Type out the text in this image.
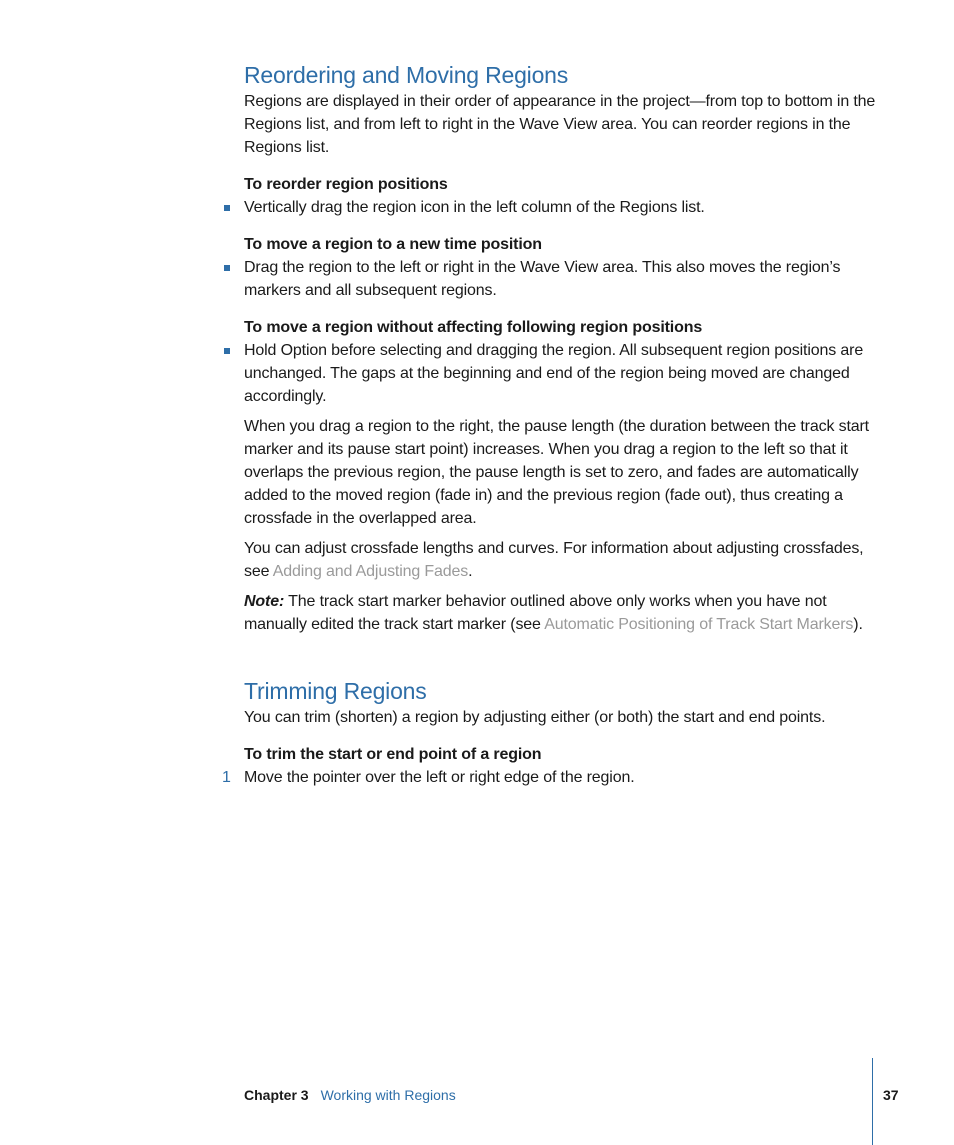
Reordering and Moving Regions

Regions are displayed in their order of appearance in the project—from top to bottom in the Regions list, and from left to right in the Wave View area. You can reorder regions in the Regions list.

To reorder region positions

Vertically drag the region icon in the left column of the Regions list.

To move a region to a new time position

Drag the region to the left or right in the Wave View area. This also moves the region’s markers and all subsequent regions.

To move a region without affecting following region positions

Hold Option before selecting and dragging the region. All subsequent region positions are unchanged. The gaps at the beginning and end of the region being moved are changed accordingly.

When you drag a region to the right, the pause length (the duration between the track start marker and its pause start point) increases. When you drag a region to the left so that it overlaps the previous region, the pause length is set to zero, and fades are automatically added to the moved region (fade in) and the previous region (fade out), thus creating a crossfade in the overlapped area.

You can adjust crossfade lengths and curves. For information about adjusting crossfades, see Adding and Adjusting Fades.

Note: The track start marker behavior outlined above only works when you have not manually edited the track start marker (see Automatic Positioning of Track Start Markers).

Trimming Regions

You can trim (shorten) a region by adjusting either (or both) the start and end points.

To trim the start or end point of a region

1 Move the pointer over the left or right edge of the region.

Chapter 3 Working with Regions	37
